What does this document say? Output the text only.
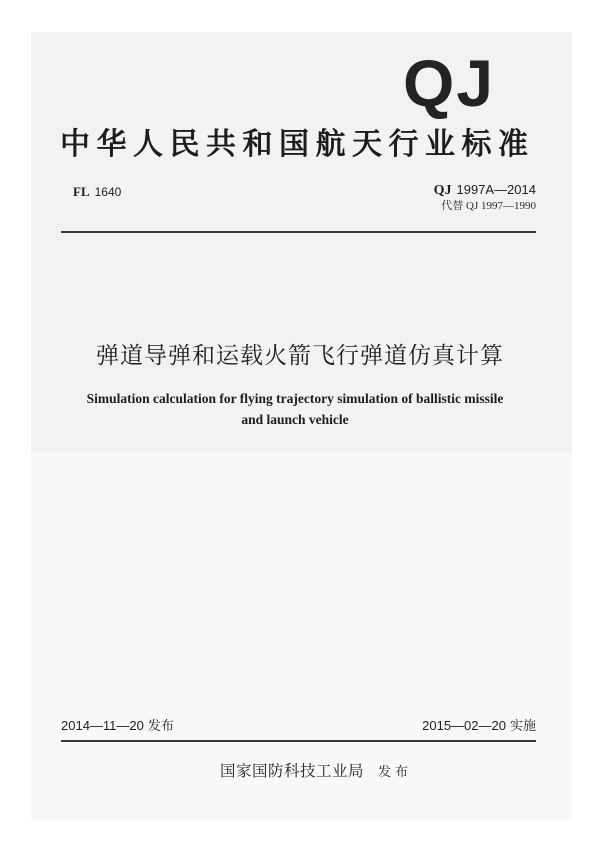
QJ
中华人民共和国航天行业标准
FL 1640	QJ 1997A—2014
代替 QJ 1997—1990
弹道导弹和运载火箭飞行弹道仿真计算
Simulation calculation for flying trajectory simulation of ballistic missile
and launch vehicle
2014—11—20 发布	2015—02—20 实施
国家国防科技工业局 发布
